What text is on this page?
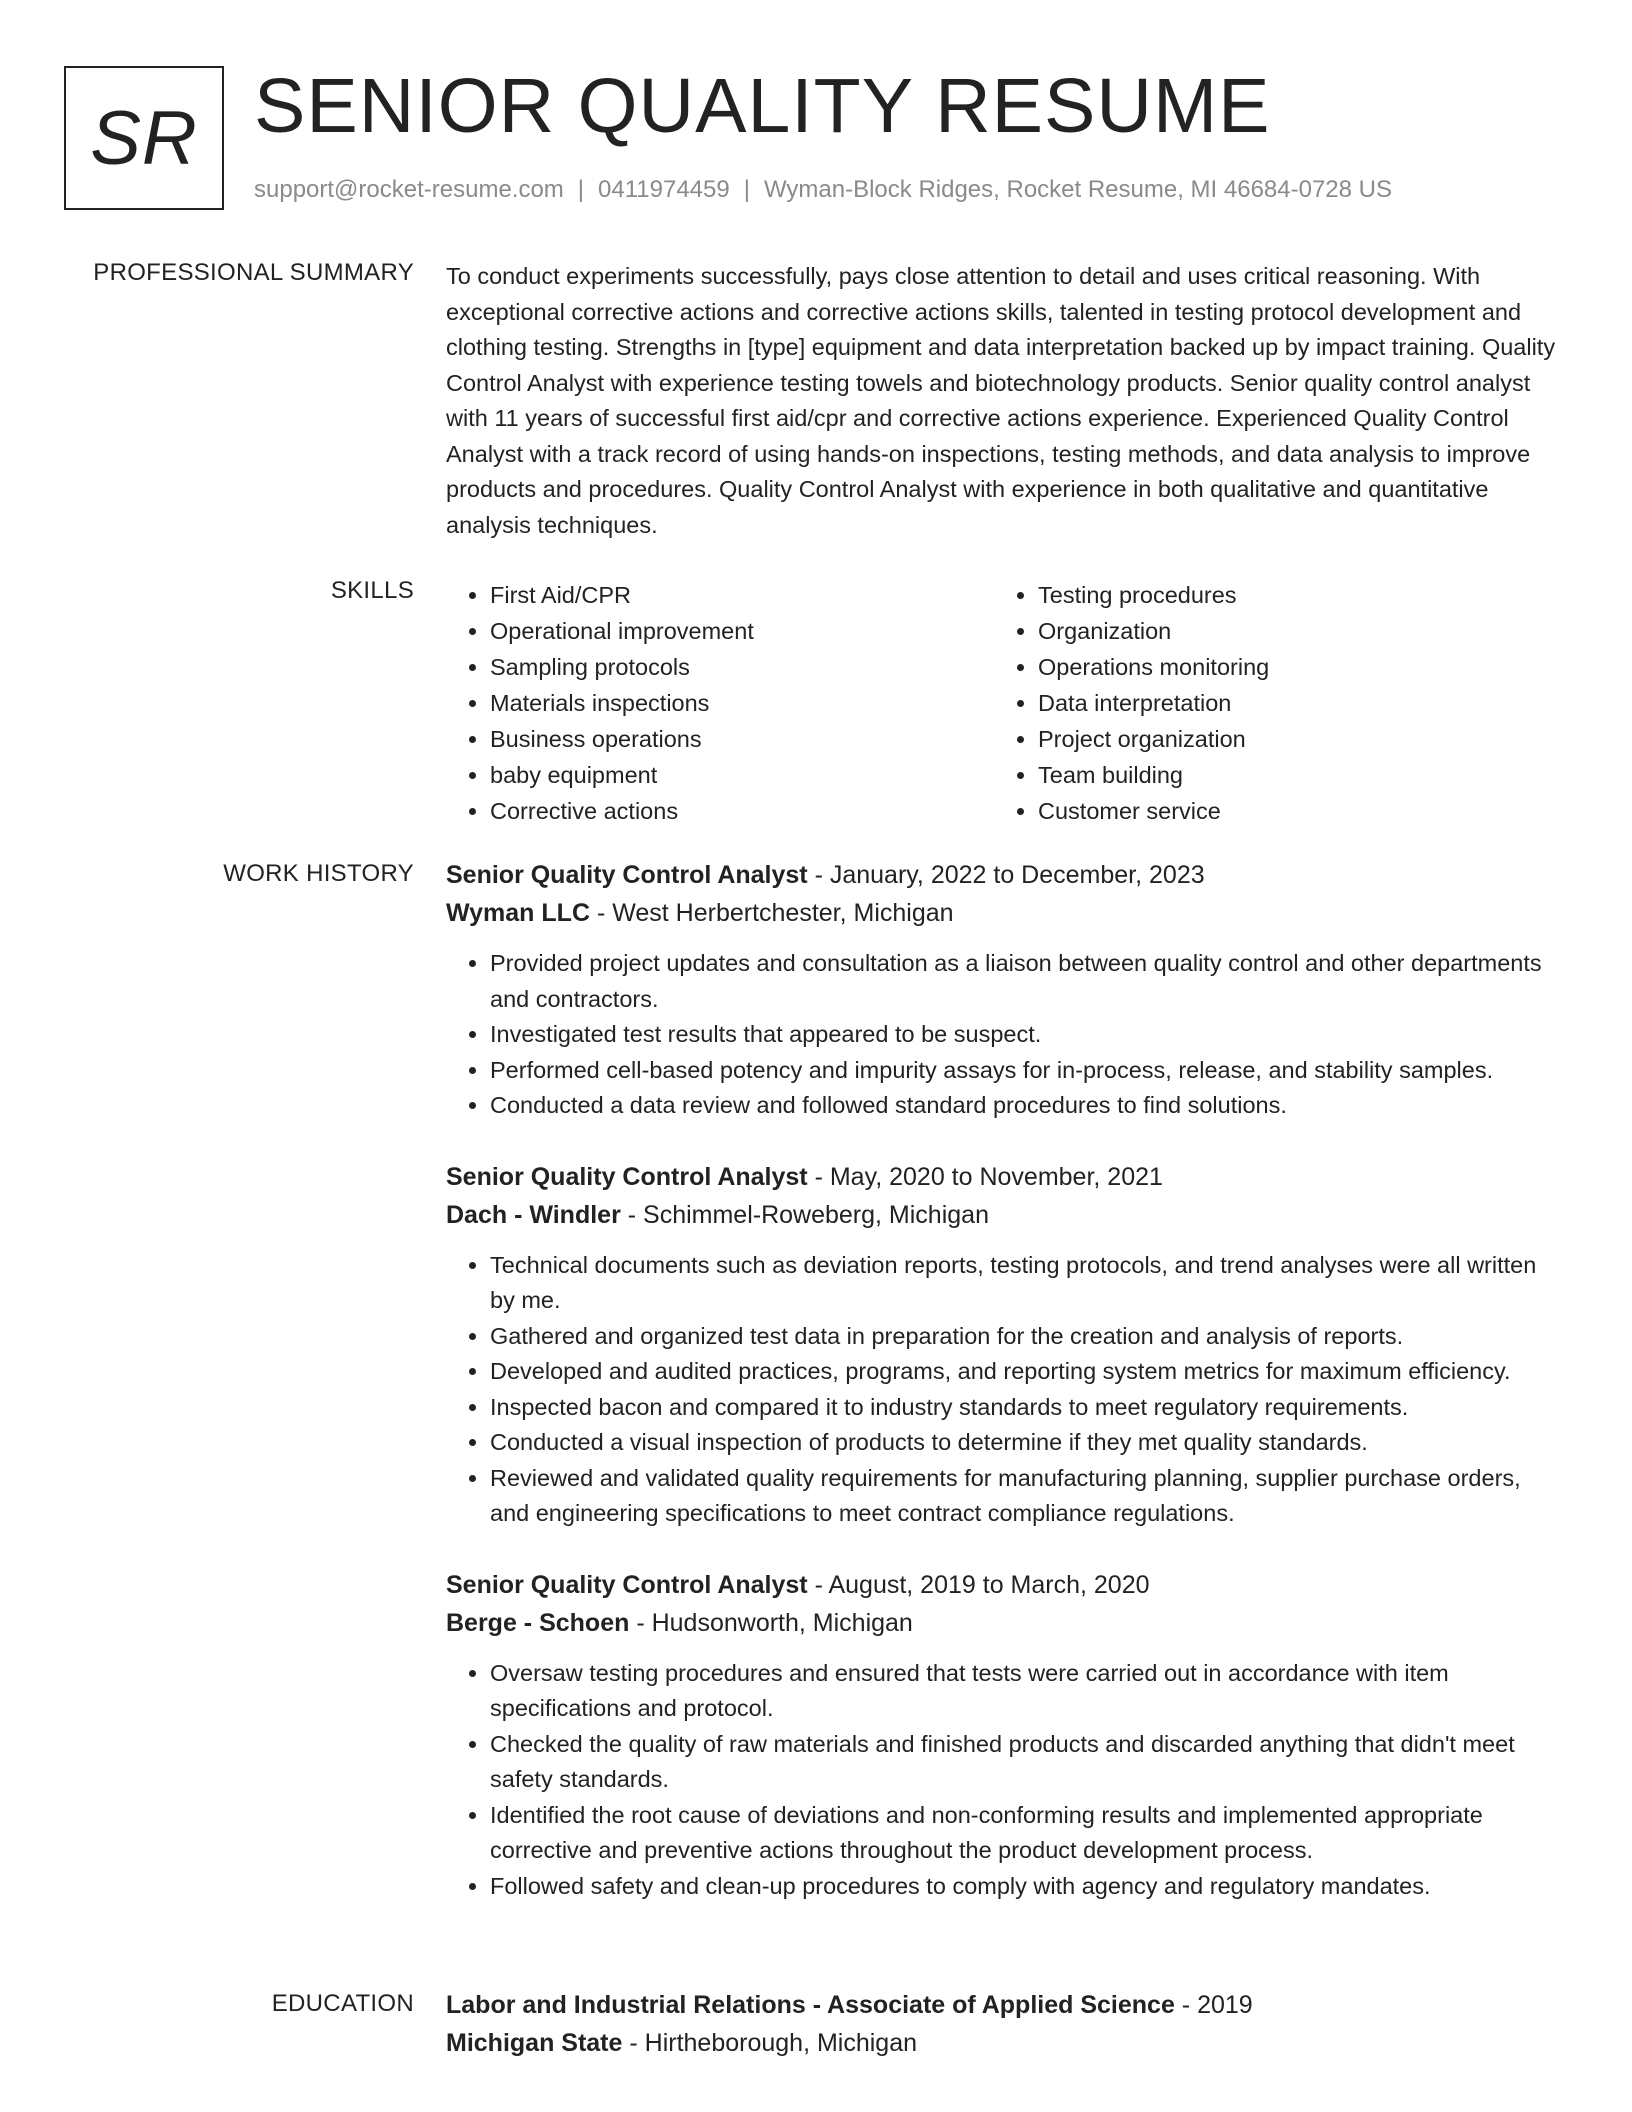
SR SENIOR QUALITY RESUME
support@rocket-resume.com | 0411974459 | Wyman-Block Ridges, Rocket Resume, MI 46684-0728 US
PROFESSIONAL SUMMARY To conduct experiments successfully, pays close attention to detail and uses critical reasoning. With exceptional corrective actions and corrective actions skills, talented in testing protocol development and clothing testing. Strengths in [type] equipment and data interpretation backed up by impact training. Quality Control Analyst with experience testing towels and biotechnology products. Senior quality control analyst with 11 years of successful first aid/cpr and corrective actions experience. Experienced Quality Control Analyst with a track record of using hands-on inspections, testing methods, and data analysis to improve products and procedures. Quality Control Analyst with experience in both qualitative and quantitative analysis techniques.

SKILLS
•	First Aid/CPR
• Operational improvement
• Sampling protocols
• Materials inspections
• Business operations
• baby equipment
• Corrective actions
• Testing procedures
• Organization
• Operations monitoring
• Data interpretation
• Project organization
• Team building
• Customer service
WORK HISTORY Senior Quality Control Analyst - January, 2022 to December, 2023
Wyman LLC - West Herbertchester, Michigan
• Provided project updates and consultation as a liaison between quality control and other departments and contractors.
• Investigated test results that appeared to be suspect.
• Performed cell-based potency and impurity assays for in-process, release, and stability samples.
• Conducted a data review and followed standard procedures to find solutions.
Senior Quality Control Analyst - May, 2020 to November, 2021
Dach - Windler - Schimmel-Roweberg, Michigan
• Technical documents such as deviation reports, testing protocols, and trend analyses were all written by me.
• Gathered and organized test data in preparation for the creation and analysis of reports.
• Developed and audited practices, programs, and reporting system metrics for maximum efficiency.
• Inspected bacon and compared it to industry standards to meet regulatory requirements.
• Conducted a visual inspection of products to determine if they met quality standards.
• Reviewed and validated quality requirements for manufacturing planning, supplier purchase orders, and engineering specifications to meet contract compliance regulations.
Senior Quality Control Analyst - August, 2019 to March, 2020
Berge - Schoen - Hudsonworth, Michigan
• Oversaw testing procedures and ensured that tests were carried out in accordance with item specifications and protocol.
• Checked the quality of raw materials and finished products and discarded anything that didn't meet safety standards.
• Identified the root cause of deviations and non-conforming results and implemented appropriate corrective and preventive actions throughout the product development process.
• Followed safety and clean-up procedures to comply with agency and regulatory mandates.
EDUCATION Labor and Industrial Relations - Associate of Applied Science - 2019
Michigan State - Hirtheborough, Michigan
